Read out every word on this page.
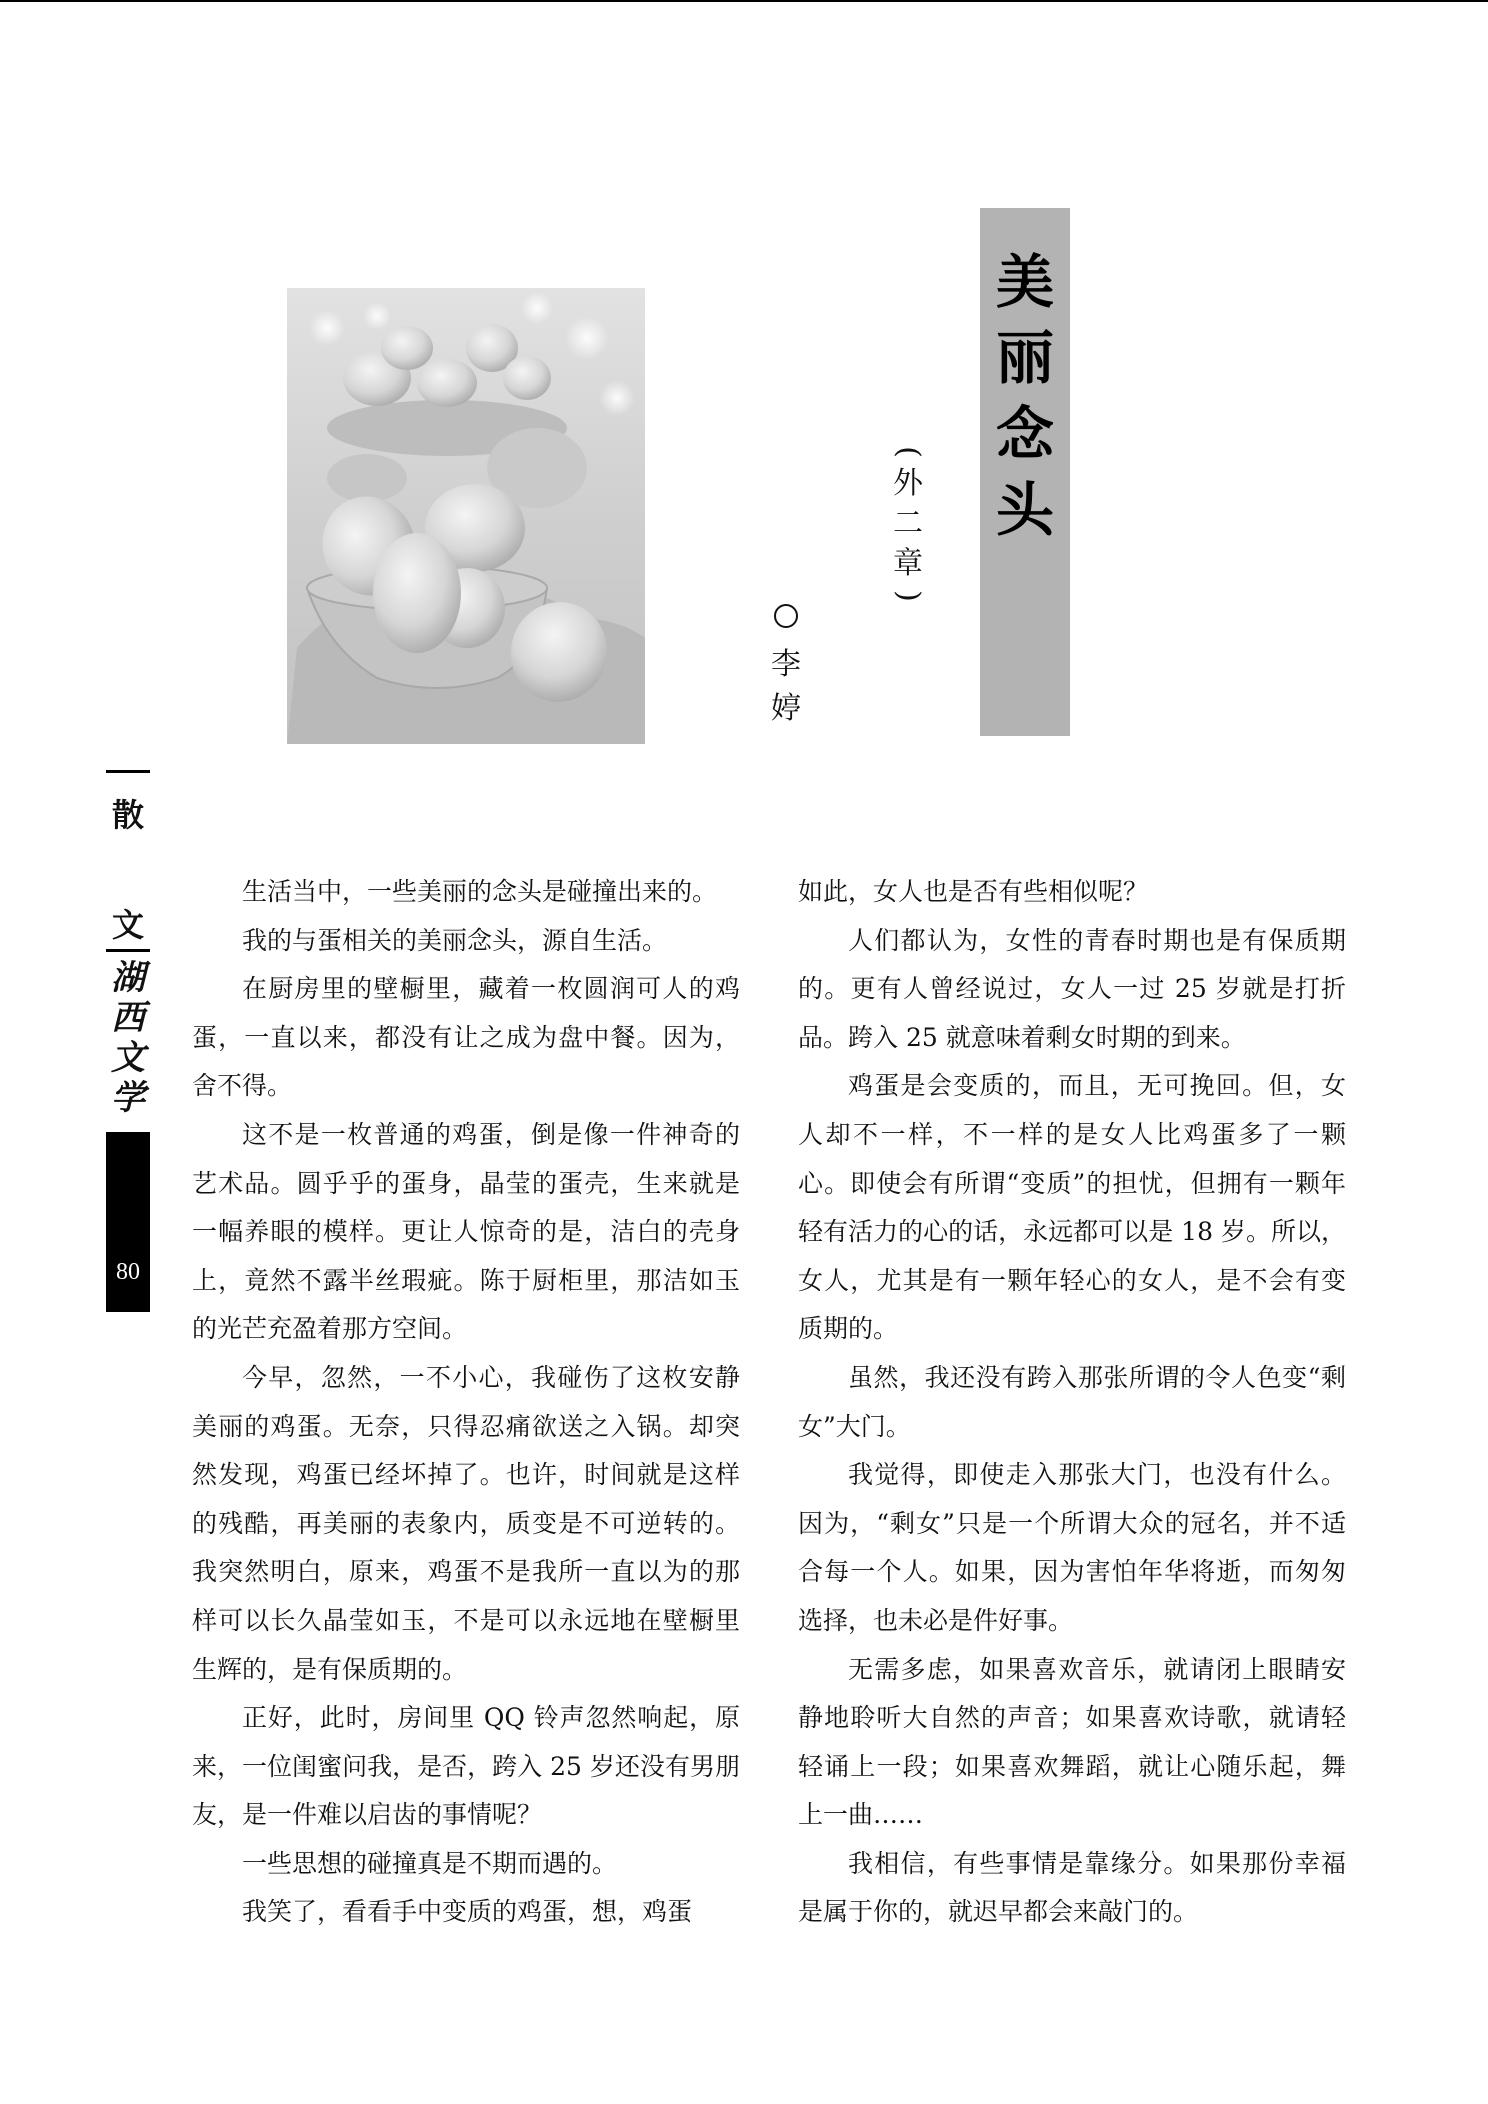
散
文
湖
西
文
学
80
美
丽
念
头
(
外
二
章
)
李
婷

生活当中，一些美丽的念头是碰撞出来的。

我的与蛋相关的美丽念头，源自生活。

在厨房里的壁橱里，藏着一枚圆润可人的鸡蛋，一直以来，都没有让之成为盘中餐。因为，舍不得。

这不是一枚普通的鸡蛋，倒是像一件神奇的艺术品。圆乎乎的蛋身，晶莹的蛋壳，生来就是一幅养眼的模样。更让人惊奇的是，洁白的壳身上，竟然不露半丝瑕疵。陈于厨柜里，那洁如玉的光芒充盈着那方空间。

今早，忽然，一不小心，我碰伤了这枚安静美丽的鸡蛋。无奈，只得忍痛欲送之入锅。却突然发现，鸡蛋已经坏掉了。也许，时间就是这样的残酷，再美丽的表象内，质变是不可逆转的。我突然明白，原来，鸡蛋不是我所一直以为的那样可以长久晶莹如玉，不是可以永远地在壁橱里生辉的，是有保质期的。

正好，此时，房间里 QQ 铃声忽然响起，原来，一位闺蜜问我，是否，跨入 25 岁还没有男朋友，是一件难以启齿的事情呢？

一些思想的碰撞真是不期而遇的。

我笑了，看看手中变质的鸡蛋，想，鸡蛋

如此，女人也是否有些相似呢？

人们都认为，女性的青春时期也是有保质期的。更有人曾经说过，女人一过 25 岁就是打折品。跨入 25 就意味着剩女时期的到来。

鸡蛋是会变质的，而且，无可挽回。但，女人却不一样，不一样的是女人比鸡蛋多了一颗心。即使会有所谓“变质”的担忧，但拥有一颗年轻有活力的心的话，永远都可以是 18 岁。所以，女人，尤其是有一颗年轻心的女人，是不会有变质期的。

虽然，我还没有跨入那张所谓的令人色变“剩女”大门。

我觉得，即使走入那张大门，也没有什么。因为，“剩女”只是一个所谓大众的冠名，并不适合每一个人。如果，因为害怕年华将逝，而匆匆选择，也未必是件好事。

无需多虑，如果喜欢音乐，就请闭上眼睛安静地聆听大自然的声音；如果喜欢诗歌，就请轻轻诵上一段；如果喜欢舞蹈，就让心随乐起，舞上一曲……

我相信，有些事情是靠缘分。如果那份幸福是属于你的，就迟早都会来敲门的。
